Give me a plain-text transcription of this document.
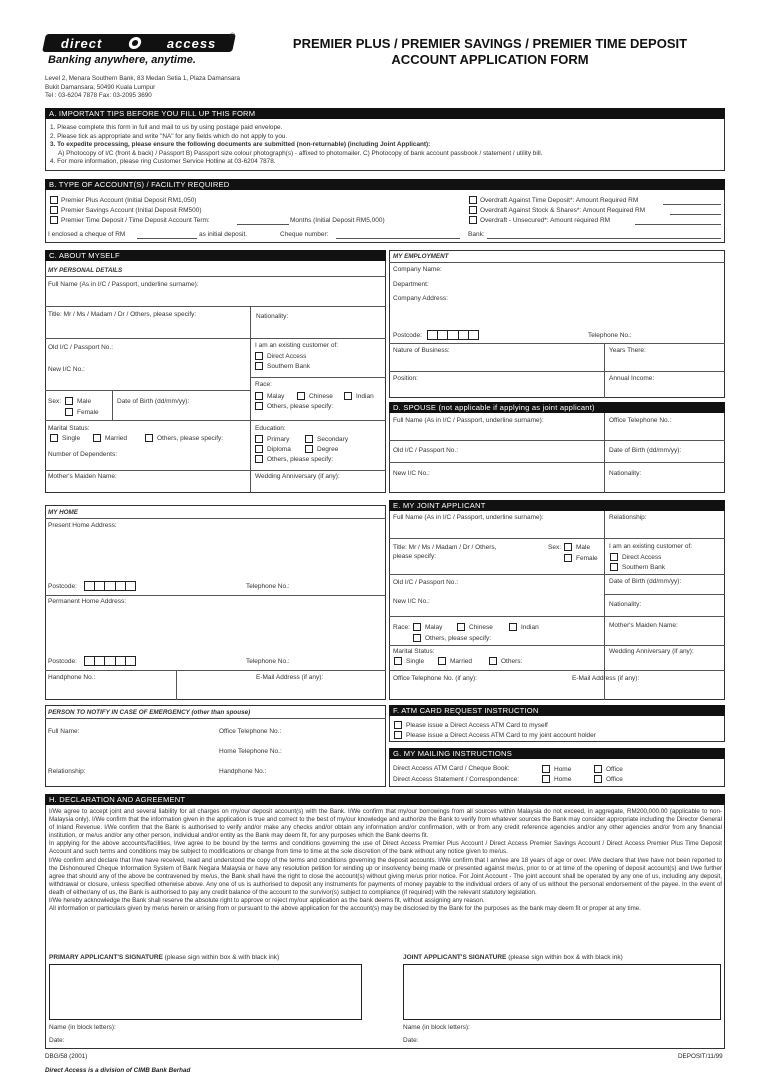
direct	access ®
Banking anywhere, anytime.
PREMIER PLUS / PREMIER SAVINGS / PREMIER TIME DEPOSIT
ACCOUNT APPLICATION FORM
Level 2, Menara Southern Bank, 83 Medan Setia 1, Plaza Damansara
Bukit Damansara, 50490 Kuala Lumpur
Tel : 03-6204 7878 Fax: 03-2095 3690
A. IMPORTANT TIPS BEFORE YOU FILL UP THIS FORM
1. Please complete this form in full and mail to us by using postage paid envelope.
2. Please tick as appropriate and write "NA" for any fields which do not apply to you.
3. To expedite processing, please ensure the following documents are submitted (non-returnable) (including Joint Applicant):
A) Photocopy of I/C (front & back) / Passport B) Passport size colour photograph(s) - affixed to photomailer. C) Photocopy of bank account passbook / statement / utility bill.
4. For more information, please ring Customer Service Hotline at 03-6204 7878.
B. TYPE OF ACCOUNT(S) / FACILITY REQUIRED
Premier Plus Account (Initial Deposit RM1,050)
Premier Savings Account (Initial Deposit RM500)
Premier Time Deposit / Time Deposit Account Term:	Months (Initial Deposit RM5,000)
Overdraft Against Time Deposit*: Amount Required RM
Overdraft Against Stock & Shares*: Amount Required RM
Overdraft - Unsecured*: Amount required RM
I enclosed a cheque of RM	as initial deposit.	Cheque number:	Bank:
C. ABOUT MYSELF
MY PERSONAL DETAILS
Full Name (As in I/C / Passport, underline surname):
Title: Mr / Ms / Madam / Dr / Others, please specify:	Nationality:
Old I/C / Passport No.:
New I/C No.:
I am an existing customer of:
Direct Access
Southern Bank
Race:
Malay	Chinese	Indian
Others, please specify:
Sex: Male
Female
Date of Birth (dd/mm/yy):
Marital Status:
Single	Married	Others, please specify:
Number of Dependents:
Education:
Primary	Secondary
Diploma	Degree
Others, please specify:
Mother's Maiden Name:	Wedding Anniversary (if any):
MY HOME
Present Home Address:
Postcode:	Telephone No.:
Permanent Home Address:
Postcode:	Telephone No.:
Handphone No.:	E-Mail Address (if any):
PERSON TO NOTIFY IN CASE OF EMERGENCY (other than spouse)
Full Name:	Office Telephone No.:
Home Telephone No.:
Relationship:	Handphone No.:
MY EMPLOYMENT
Company Name:
Department:
Company Address:
Postcode:	Telephone No.:
Nature of Business:	Years There:
Position:	Annual Income:
D. SPOUSE (not applicable if applying as joint applicant)
Full Name (As in I/C / Passport, underline surname):	Office Telephone No.:
Old I/C / Passport No.:	Date of Birth (dd/mm/yy):
New I/C No.:	Nationality:
E. MY JOINT APPLICANT
Full Name (As in I/C / Passport, underline surname):	Relationship:
Title: Mr / Ms / Madam / Dr / Others,
please specify:
Sex: Male
Female
I am an existing customer of:
Direct Access
Southern Bank
Old I/C / Passport No.:	Date of Birth (dd/mm/yy):
New I/C No.:	Nationality:
Race: Malay	Chinese	Indian
Others, please specify:
Mother's Maiden Name:
Marital Status:
Single	Married	Others:
Wedding Anniversary (if any):
Office Telephone No. (if any):	E-Mail Address (if any):
F. ATM CARD REQUEST INSTRUCTION
Please issue a Direct Access ATM Card to myself
Please issue a Direct Access ATM Card to my joint account holder
G. MY MAILING INSTRUCTIONS
Direct Access ATM Card / Cheque Book:	Home	Office
Direct Access Statement / Correspondence:	Home	Office
H. DECLARATION AND AGREEMENT

I/We agree to accept joint and several liability for all charges on my/our deposit account(s) with the Bank. I/We confirm that my/our borrowings from all sources within Malaysia do not exceed, in aggregate, RM200,000.00 (applicable to non-Malaysia only). I/We confirm that the information given in the application is true and correct to the best of my/our knowledge and authorize the Bank to verify from whatever sources the Bank may consider appropriate including the Director General of Inland Revenue. I/We confirm that the Bank is authorised to verify and/or make any checks and/or obtain any information and/or confirmation, with or from any credit reference agencies and/or any other agencies and/or from any financial institution, or me/us and/or any other person, individual and/or entity as the Bank may deem fit, for any purposes which the Bank deems fit.

In applying for the above accounts/facilities, I/we agree to be bound by the terms and conditions governing the use of Direct Access Premier Plus Account / Direct Access Premier Savings Account / Direct Access Premier Plus Time Deposit Account and such terms and conditions may be subject to modifications or change from time to time at the sole discretion of the bank without any notice given to me/us.

I/We confirm and declare that I/we have received, read and understood the copy of the terms and conditions governing the deposit accounts. I/We confirm that I am/we are 18 years of age or over. I/We declare that I/we have not been reported to the Dishonoured Cheque Information System of Bank Negara Malaysia or have any resolution petition for winding up or insolvency being made or presented against me/us, prior to or at time of the opening of deposit account(s) and I/we further agree that should any of the above be contravened by me/us, the Bank shall have the right to close the account(s) without giving me/us prior notice. For Joint Account - The joint account shall be operated by any one of us, including any deposit, withdrawal or closure, unless specified otherwise above. Any one of us is authorised to deposit any instruments for payments of money payable to the individual orders of any of us without the personal endorsement of the payee. In the event of death of either/any of us, the Bank is authorised to pay any credit balance of the account to the survivor(s) subject to compliance (if required) with the relevant statutory legislation.

I/We hereby acknowledge the Bank shall reserve the absolute right to approve or reject my/our application as the bank deems fit, without assigning any reason.

All information or particulars given by me/us herein or arising from or pursuant to the above application for the account(s) may be disclosed by the Bank for the purposes as the bank may deem fit or proper at any time.

PRIMARY APPLICANT'S SIGNATURE (please sign within box & with black ink)
Name (in block letters):
Date:
JOINT APPLICANT'S SIGNATURE (please sign within box & with black ink)
Name (in block letters):
Date:
DBG/58 (2001)	DEPOSIT/11/99
Direct Access is a division of CIMB Bank Berhad
